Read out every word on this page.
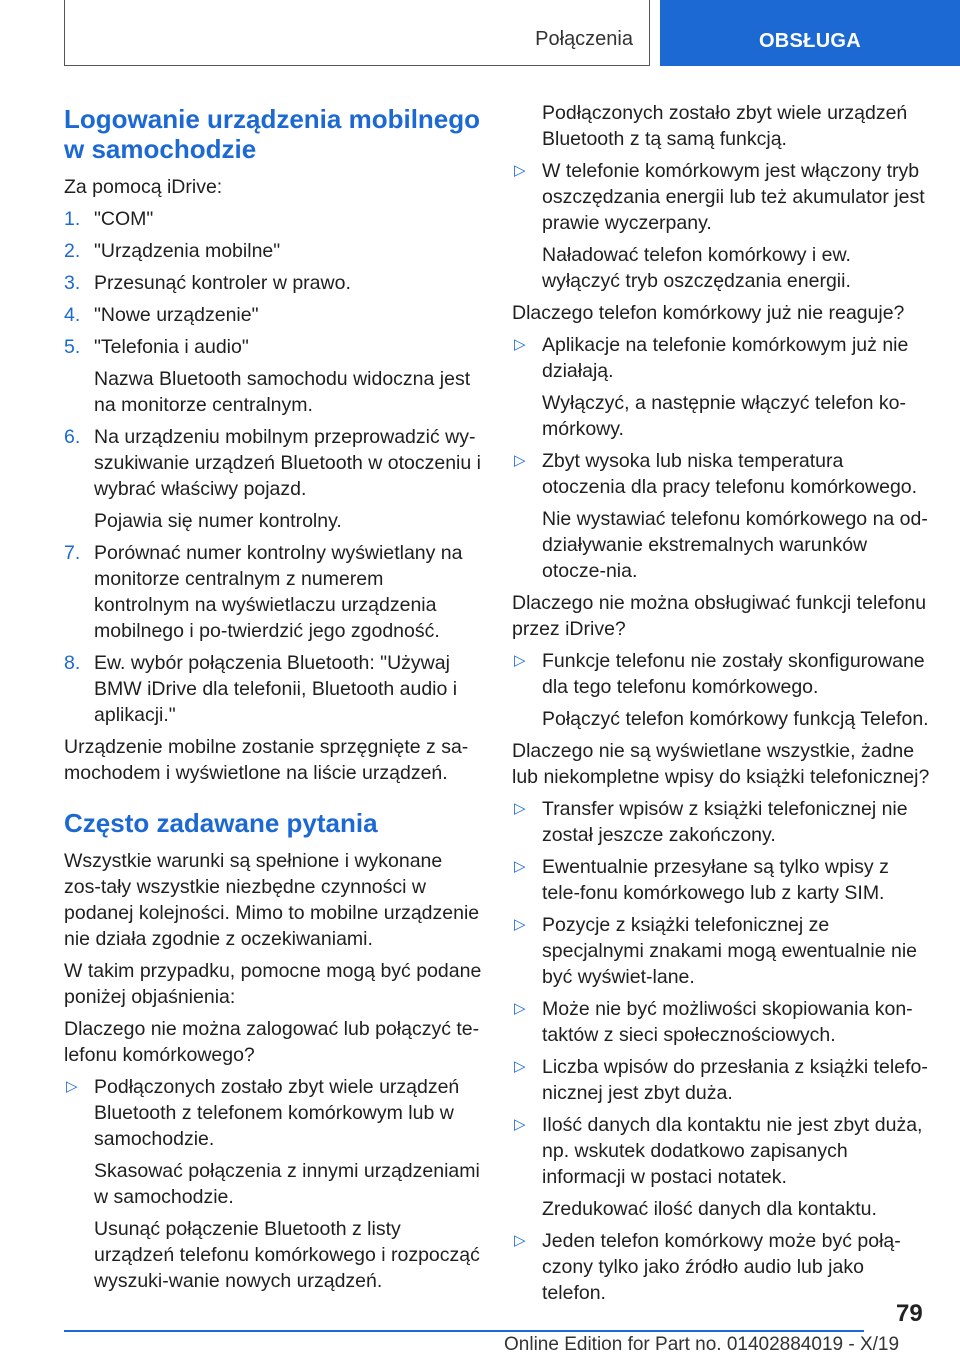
Połączenia	OBSŁUGA
Logowanie urządzenia mobilnego w samochodzie

Za pomocą iDrive:

1. "COM"
2. "Urządzenia mobilne"
3. Przesunąć kontroler w prawo.
4. "Nowe urządzenie"
5. "Telefonia i audio"
Nazwa Bluetooth samochodu widoczna jest na monitorze centralnym.
6. Na urządzeniu mobilnym przeprowadzić wy-szukiwanie urządzeń Bluetooth w otoczeniu i wybrać właściwy pojazd.
Pojawia się numer kontrolny.
7. Porównać numer kontrolny wyświetlany na monitorze centralnym z numerem kontrolnym na wyświetlaczu urządzenia mobilnego i po-twierdzić jego zgodność.
8. Ew. wybór połączenia Bluetooth: "Używaj BMW iDrive dla telefonii, Bluetooth audio i aplikacji."

Urządzenie mobilne zostanie sprzęgnięte z sa-mochodem i wyświetlone na liście urządzeń.

Często zadawane pytania

Wszystkie warunki są spełnione i wykonane zos-tały wszystkie niezbędne czynności w podanej kolejności. Mimo to mobilne urządzenie nie działa zgodnie z oczekiwaniami.

W takim przypadku, pomocne mogą być podane poniżej objaśnienia:

Dlaczego nie można zalogować lub połączyć te-lefonu komórkowego?

▷ Podłączonych zostało zbyt wiele urządzeń Bluetooth z telefonem komórkowym lub w samochodzie.
Skasować połączenia z innymi urządzeniami w samochodzie.
Usunąć połączenie Bluetooth z listy urządzeń telefonu komórkowego i rozpocząć wyszuki-wanie nowych urządzeń.

Podłączonych zostało zbyt wiele urządzeń Bluetooth z tą samą funkcją.

▷ W telefonie komórkowym jest włączony tryb oszczędzania energii lub też akumulator jest prawie wyczerpany.
Naładować telefon komórkowy i ew. wyłączyć tryb oszczędzania energii.

Dlaczego telefon komórkowy już nie reaguje?

▷ Aplikacje na telefonie komórkowym już nie działają.
Wyłączyć, a następnie włączyć telefon ko-mórkowy.
▷ Zbyt wysoka lub niska temperatura otoczenia dla pracy telefonu komórkowego.
Nie wystawiać telefonu komórkowego na od-działywanie ekstremalnych warunków otocze-nia.

Dlaczego nie można obsługiwać funkcji telefonu przez iDrive?

▷ Funkcje telefonu nie zostały skonfigurowane dla tego telefonu komórkowego.
Połączyć telefon komórkowy funkcją Telefon.

Dlaczego nie są wyświetlane wszystkie, żadne lub niekompletne wpisy do książki telefonicznej?

▷ Transfer wpisów z książki telefonicznej nie został jeszcze zakończony.
▷ Ewentualnie przesyłane są tylko wpisy z tele-fonu komórkowego lub z karty SIM.
▷ Pozycje z książki telefonicznej ze specjalnymi znakami mogą ewentualnie nie być wyświet-lane.
▷ Może nie być możliwości skopiowania kon-taktów z sieci społecznościowych.
▷ Liczba wpisów do przesłania z książki telefo-nicznej jest zbyt duża.
▷ Ilość danych dla kontaktu nie jest zbyt duża, np. wskutek dodatkowo zapisanych informacji w postaci notatek.
Zredukować ilość danych dla kontaktu.
▷ Jeden telefon komórkowy może być połą-czony tylko jako źródło audio lub jako telefon.
79
Online Edition for Part no. 01402884019 - X/19
